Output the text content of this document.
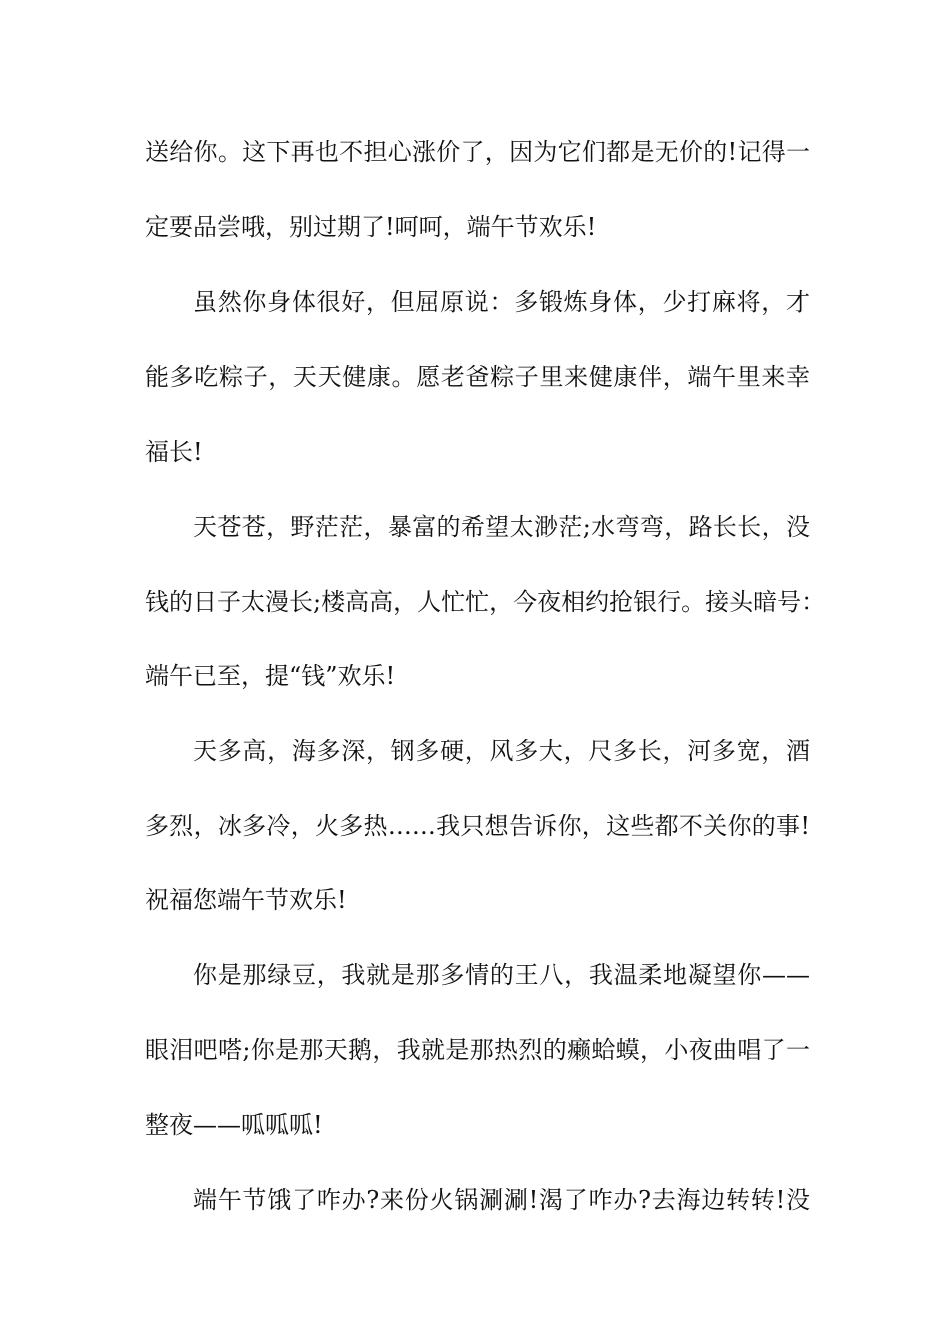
送给你。这下再也不担心涨价了，因为它们都是无价的!记得一
定要品尝哦，别过期了!呵呵，端午节欢乐!
虽然你身体很好，但屈原说：多锻炼身体，少打麻将，才
能多吃粽子，天天健康。愿老爸粽子里来健康伴，端午里来幸
福长!
天苍苍，野茫茫，暴富的希望太渺茫;水弯弯，路长长，没
钱的日子太漫长;楼高高，人忙忙，今夜相约抢银行。接头暗号：
端午已至，提“钱”欢乐!
天多高，海多深，钢多硬，风多大，尺多长，河多宽，酒
多烈，冰多冷，火多热……我只想告诉你，这些都不关你的事!
祝福您端午节欢乐!
你是那绿豆，我就是那多情的王八，我温柔地凝望你——
眼泪吧嗒;你是那天鹅，我就是那热烈的癞蛤蟆，小夜曲唱了一
整夜——呱呱呱!
端午节饿了咋办?来份火锅涮涮!渴了咋办?去海边转转!没
